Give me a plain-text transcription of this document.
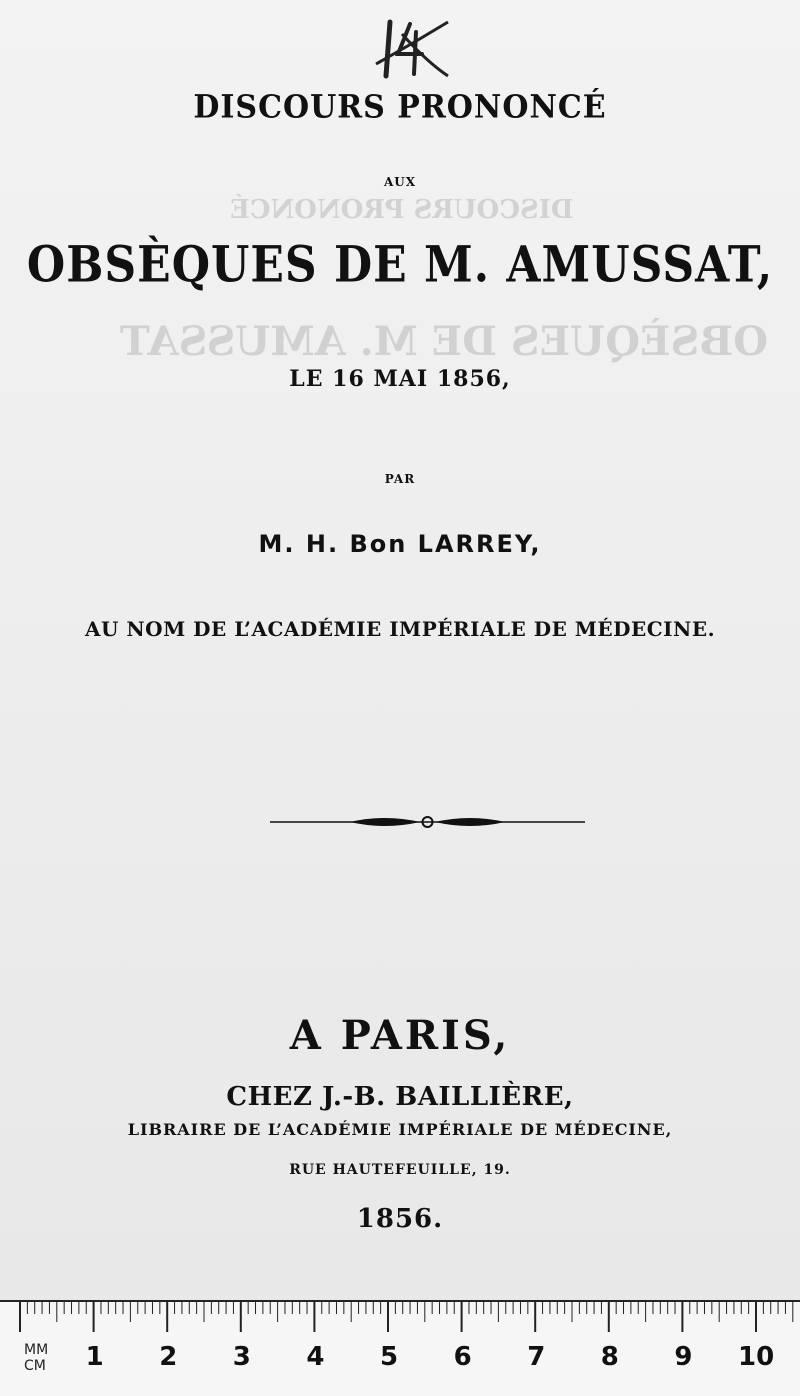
DISCOURS PRONONCÉ
OBSÈQUES DE M. AMUSSAT
DISCOURS PRONONCÉ
AUX
OBSÈQUES DE M. AMUSSAT,
LE 16 MAI 1856,
PAR
M. H. Bon LARREY,
AU NOM DE L’ACADÉMIE IMPÉRIALE DE MÉDECINE.
A PARIS,
CHEZ J.-B. BAILLIÈRE,
LIBRAIRE DE L’ACADÉMIE IMPÉRIALE DE MÉDECINE,
RUE HAUTEFEUILLE, 19.
1856.
MM
CM 1 2 3 4 5 6 7 8 9 10
